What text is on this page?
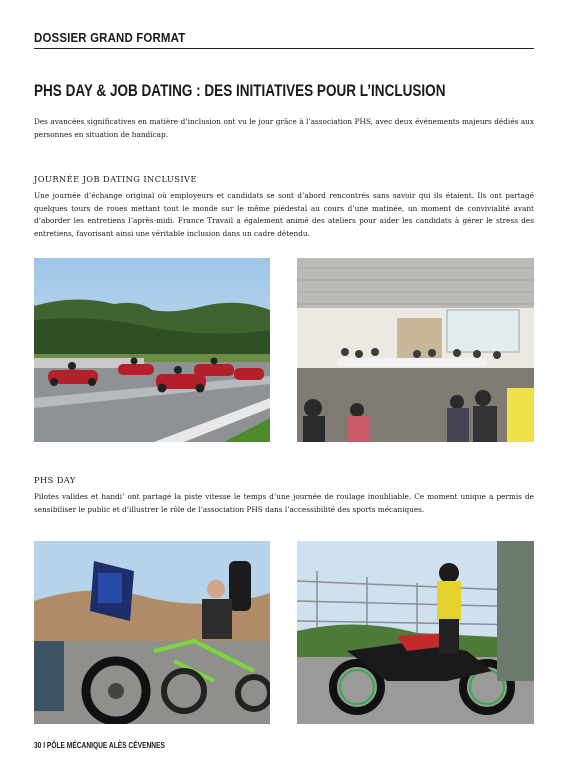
DOSSIER GRAND FORMAT
PHS DAY & JOB DATING : DES INITIATIVES POUR L’INCLUSION

Des avancées significatives en matière d’inclusion ont vu le jour grâce à l’association PHS, avec deux événements majeurs dédiés aux personnes en situation de handicap.

JOURNÉE JOB DATING INCLUSIVE

Une journée d’échange original où employeurs et candidats se sont d’abord rencontrés sans savoir qui ils étaient. Ils ont partagé quelques tours de roues mettant tout le monde sur le même piédestal au cours d’une matinée, un moment de convivialité avant d’aborder les entretiens l’après-midi. France Travail a également animé des ateliers pour aider les candidats à gérer le stress des entretiens, favorisant ainsi une véritable inclusion dans un cadre détendu.

PHS DAY

Pilotes valides et handi’ ont partagé la piste vitesse le temps d’une journée de roulage inoubliable. Ce moment unique a permis de sensibiliser le public et d’illustrer le rôle de l’association PHS dans l’accessibilité des sports mécaniques.

30 I PÔLE MÉCANIQUE ALÈS CÉVENNES
